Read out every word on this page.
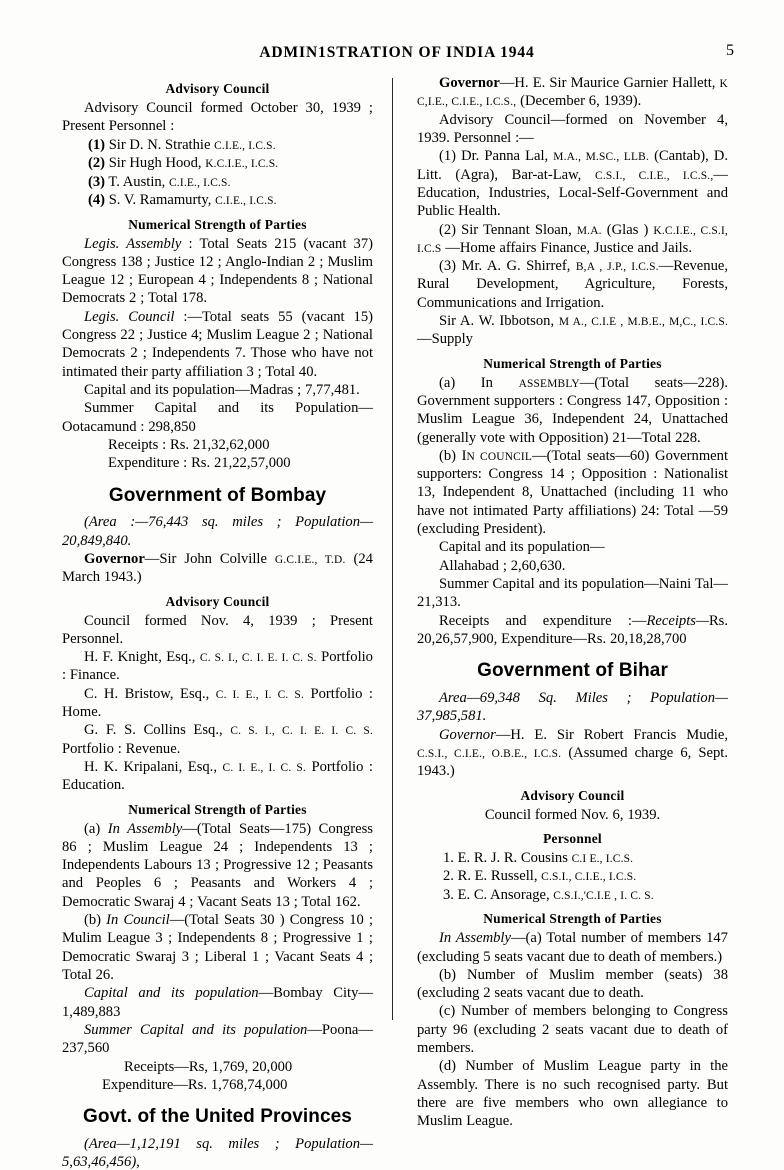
ADMIN1STRATION OF INDIA 1944	5
Advisory Council

Advisory Council formed October 30, 1939 ; Present Personnel :

(1) Sir D. N. Strathie C.I.E., I.C.S.
(2) Sir Hugh Hood, K.C.I.E., I.C.S.
(3) T. Austin, C.I.E., I.C.S.
(4) S. V. Ramamurty, C.I.E., I.C.S.
Numerical Strength of Parties

Legis. Assembly : Total Seats 215 (vacant 37) Congress 138 ; Justice 12 ; Anglo-Indian 2 ; Muslim League 12 ; European 4 ; Independents 8 ; National Democrats 2 ; Total 178.

Legis. Council :—Total seats 55 (vacant 15) Congress 22 ; Justice 4; Muslim League 2 ; National Democrats 2 ; Independents 7. Those who have not intimated their party affiliation 3 ; Total 40.

Capital and its population—Madras ; 7,77,481.

Summer Capital and its Population—Ootacamund : 298,850

Receipts : Rs. 21,32,62,000

Expenditure : Rs. 21,22,57,000

Government of Bombay

(Area :—76,443 sq. miles ; Population—20,849,840.

Governor—Sir John Colville G.C.I.E., T.D. (24 March 1943.)

Advisory Council

Council formed Nov. 4, 1939 ; Present Personnel.

H. F. Knight, Esq., C. S. I., C. I. E. I. C. S. Portfolio : Finance.

C. H. Bristow, Esq., C. I. E., I. C. S. Portfolio : Home.

G. F. S. Collins Esq., C. S. I., C. I. E. I. C. S. Portfolio : Revenue.

H. K. Kripalani, Esq., C. I. E., I. C. S. Portfolio : Education.

Numerical Strength of Parties

(a) In Assembly—(Total Seats—175) Congress 86 ; Muslim League 24 ; Independents 13 ; Independents Labours 13 ; Progressive 12 ; Peasants and Peoples 6 ; Peasants and Workers 4 ; Democratic Swaraj 4 ; Vacant Seats 13 ; Total 162.

(b) In Council—(Total Seats 30 ) Congress 10 ; Mulim League 3 ; Independents 8 ; Progressive 1 ; Democratic Swaraj 3 ; Liberal 1 ; Vacant Seats 4 ; Total 26.

Capital and its population—Bombay City—1,489,883

Summer Capital and its population—Poona—237,560

Receipts—Rs, 1,769, 20,000

Expenditure—Rs. 1,768,74,000

Govt. of the United Provinces

(Area—1,12,191 sq. miles ; Population—5,63,46,456),

Governor—H. E. Sir Maurice Garnier Hallett, K C,I.E., C.I.E., I.C.S., (December 6, 1939).

Advisory Council—formed on November 4, 1939. Personnel :—

(1) Dr. Panna Lal, M.A., M.SC., LLB. (Cantab), D. Litt. (Agra), Bar-at-Law, C.S.I., C.I.E., I.C.S.,—Education, Industries, Local-Self-Government and Public Health.

(2) Sir Tennant Sloan, M.A. (Glas ) K.C.I.E., C.S.I, I.C.S —Home affairs Finance, Justice and Jails.

(3) Mr. A. G. Shirref, B,A , J.P., I.C.S.—Revenue, Rural Development, Agriculture, Forests, Communications and Irrigation.

Sir A. W. Ibbotson, M A., C.I.E , M.B.E., M,C., I.C.S.—Supply

Numerical Strength of Parties

(a) In ASSEMBLY—(Total seats—228). Government supporters : Congress 147, Opposition : Muslim League 36, Independent 24, Unattached (generally vote with Opposition) 21—Total 228.

(b) IN COUNCIL—(Total seats—60) Government supporters: Congress 14 ; Opposition : Nationalist 13, Independent 8, Unattached (including 11 who have not intimated Party affiliations) 24: Total —59 (excluding President).

Capital and its population—

Allahabad ; 2,60,630.

Summer Capital and its population—Naini Tal—21,313.

Receipts and expenditure :—Receipts—Rs. 20,26,57,900, Expenditure—Rs. 20,18,28,700

Government of Bihar

Area—69,348 Sq. Miles ; Population—37,985,581.

Governor—H. E. Sir Robert Francis Mudie, C.S.I., C.I.E., O.B.E., I.C.S. (Assumed charge 6, Sept. 1943.)

Advisory Council

Council formed Nov. 6, 1939.

Personnel
1. E. R. J. R. Cousins C.I E., I.C.S.
2. R. E. Russell, C.S.I., C.I.E., I.C.S.
3. E. C. Ansorage, C.S.I.,'C.I.E , I. C. S.
Numerical Strength of Parties

In Assembly—(a) Total number of members 147 (excluding 5 seats vacant due to death of members.)

(b) Number of Muslim member (seats) 38 (excluding 2 seats vacant due to death.

(c) Number of members belonging to Congress party 96 (excluding 2 seats vacant due to death of members.

(d) Number of Muslim League party in the Assembly. There is no such recognised party. But there are five members who own allegiance to Muslim League.
